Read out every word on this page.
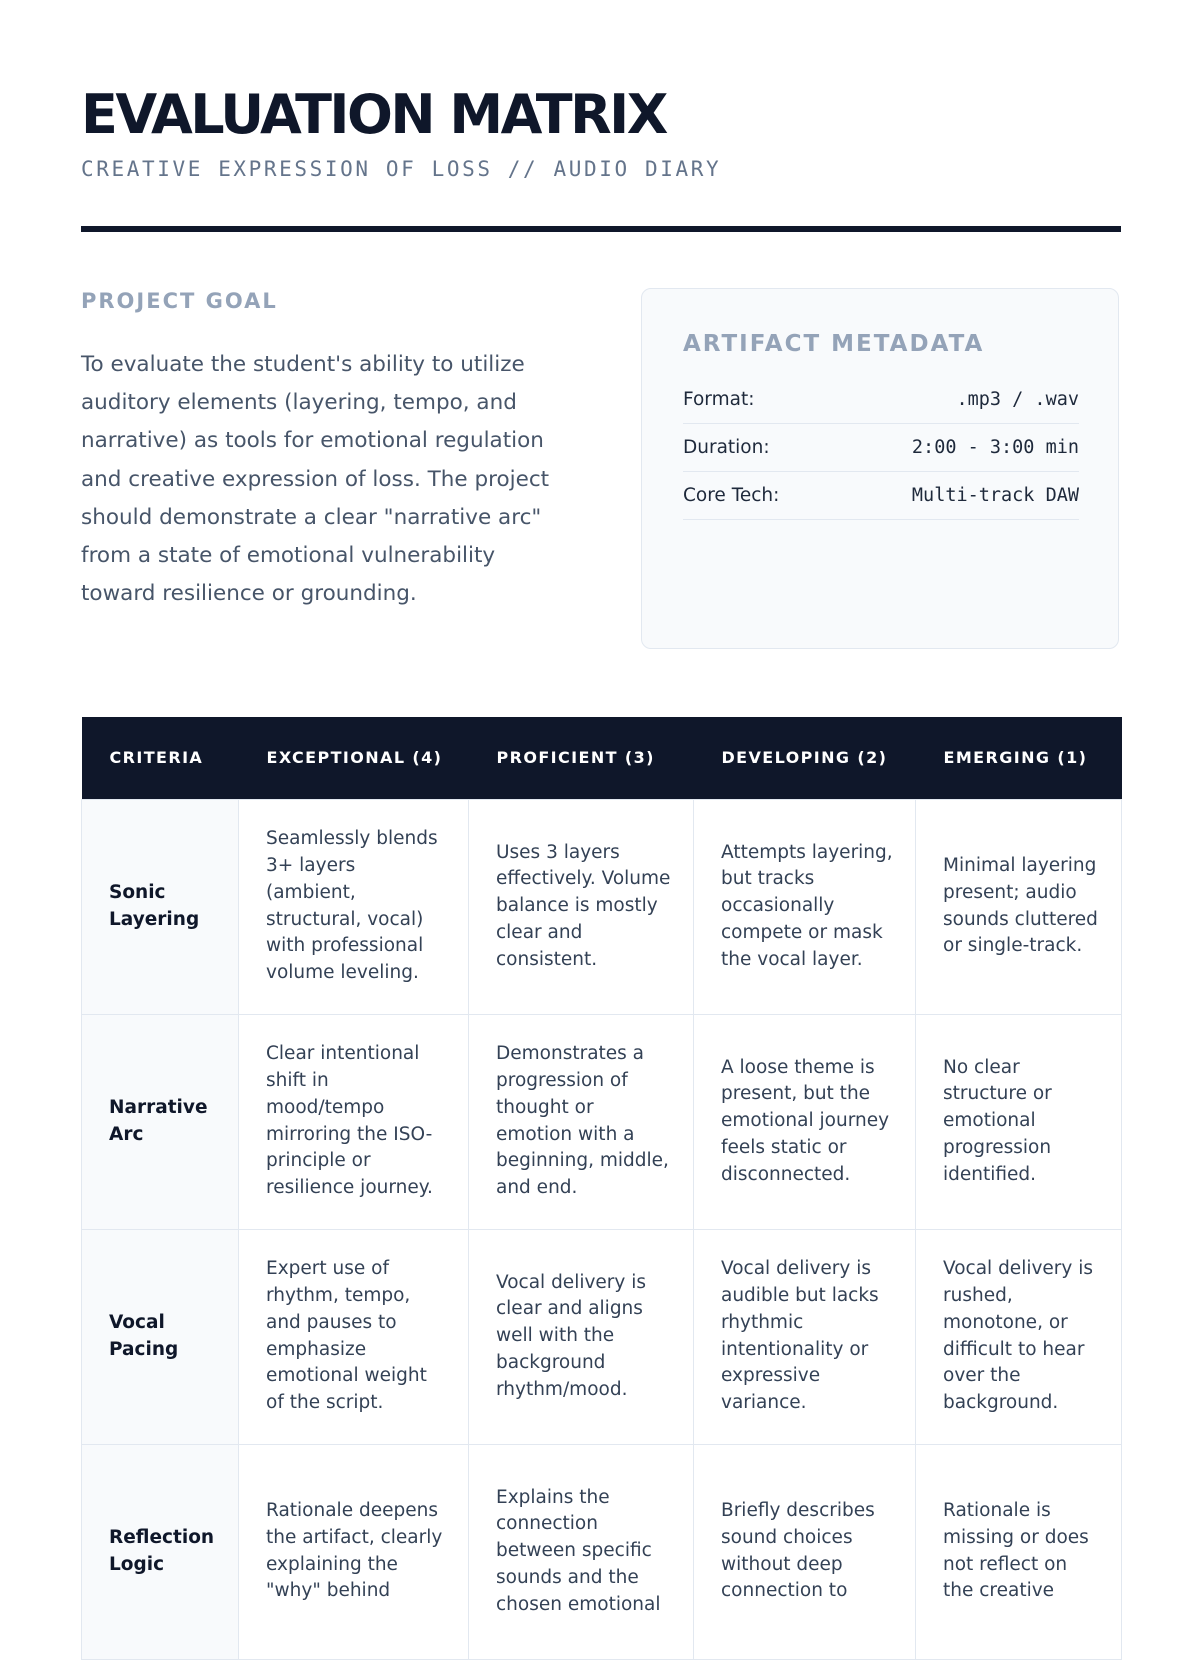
EVALUATION MATRIX
CREATIVE EXPRESSION OF LOSS // AUDIO DIARY
PROJECT GOAL
To evaluate the student's ability to utilize auditory elements (layering, tempo, and narrative) as tools for emotional regulation and creative expression of loss. The project should demonstrate a clear "narrative arc" from a state of emotional vulnerability toward resilience or grounding.
ARTIFACT METADATA
Format:	.mp3 / .wav
Duration:	2:00 - 3:00 min
Core Tech:	Multi-track DAW
CRITERIA	EXCEPTIONAL (4)	PROFICIENT (3)	DEVELOPING (2)	EMERGING (1)
Sonic Layering	Seamlessly blends 3+ layers (ambient, structural, vocal) with professional volume leveling.	Uses 3 layers effectively. Volume balance is mostly clear and consistent.	Attempts layering, but tracks occasionally compete or mask the vocal layer.	Minimal layering present; audio sounds cluttered or single-track.
Narrative Arc	Clear intentional shift in mood/tempo mirroring the ISO-principle or resilience journey.	Demonstrates a progression of thought or emotion with a beginning, middle, and end.	A loose theme is present, but the emotional journey feels static or disconnected.	No clear structure or emotional progression identified.
Vocal Pacing	Expert use of rhythm, tempo, and pauses to emphasize emotional weight of the script.	Vocal delivery is clear and aligns well with the background rhythm/mood.	Vocal delivery is audible but lacks rhythmic intentionality or expressive variance.	Vocal delivery is rushed, monotone, or difficult to hear over the background.
Reflection Logic	Rationale deepens the artifact, clearly explaining the "why" behind	Explains the connection between specific sounds and the chosen emotional	Briefly describes sound choices without deep connection to	Rationale is missing or does not reflect on the creative
